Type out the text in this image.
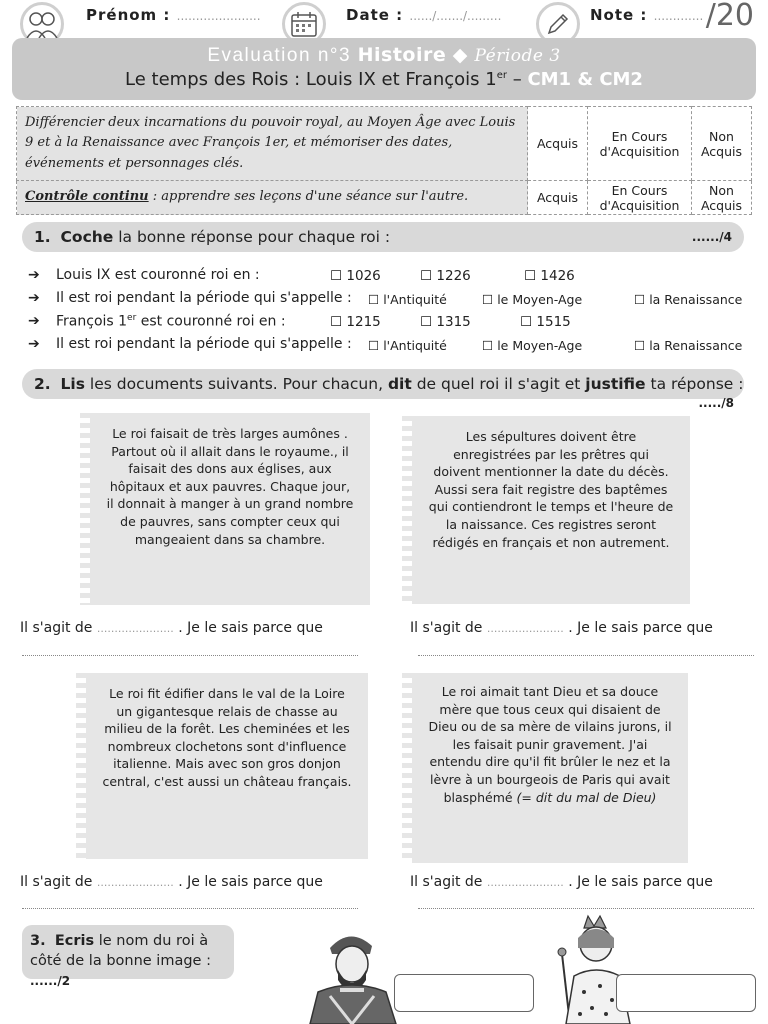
Prénom : ......................	Date : ....../......./.........	Note : ............. /20
Evaluation n°3 Histoire ◆ Période 3
Le temps des Rois : Louis IX et François 1er – CM1 & CM2
Différencier deux incarnations du pouvoir royal, au Moyen Âge avec Louis 9 et à la Renaissance avec François 1er, et mémoriser des dates, événements et personnages clés.	Acquis	En Cours d'Acquisition	Non Acquis
Contrôle continu : apprendre ses leçons d'une séance sur l'autre.	Acquis	En Cours d'Acquisition	Non Acquis
1. Coche la bonne réponse pour chaque roi :	....../4
➔ Louis IX est couronné roi en :	☐ 1026	☐ 1226	☐ 1426
➔ Il est roi pendant la période qui s'appelle : ☐ l'Antiquité	☐ le Moyen-Age	☐ la Renaissance
➔ François 1er est couronné roi en :	☐ 1215	☐ 1315	☐ 1515
➔ Il est roi pendant la période qui s'appelle : ☐ l'Antiquité	☐ le Moyen-Age	☐ la Renaissance
2. Lis les documents suivants. Pour chacun, dit de quel roi il s'agit et justifie ta réponse :
...../8
Le roi faisait de très larges aumônes . Partout où il allait dans le royaume., il faisait des dons aux églises, aux hôpitaux et aux pauvres. Chaque jour, il donnait à manger à un grand nombre de pauvres, sans compter ceux qui mangeaient dans sa chambre.
Les sépultures doivent être enregistrées par les prêtres qui doivent mentionner la date du décès. Aussi sera fait registre des baptêmes qui contiendront le temps et l'heure de la naissance. Ces registres seront rédigés en français et non autrement.
Il s'agit de ...................... . Je le sais parce que	Il s'agit de ...................... . Je le sais parce que
Le roi fit édifier dans le val de la Loire un gigantesque relais de chasse au milieu de la forêt. Les cheminées et les nombreux clochetons sont d'influence italienne. Mais avec son gros donjon central, c'est aussi un château français.
Le roi aimait tant Dieu et sa douce mère que tous ceux qui disaient de Dieu ou de sa mère de vilains jurons, il les faisait punir gravement. J'ai entendu dire qu'il fit brûler le nez et la lèvre à un bourgeois de Paris qui avait blasphémé (= dit du mal de Dieu)
Il s'agit de ...................... . Je le sais parce que	Il s'agit de ...................... . Je le sais parce que
3. Ecris le nom du roi à côté de la bonne image : ....../2
